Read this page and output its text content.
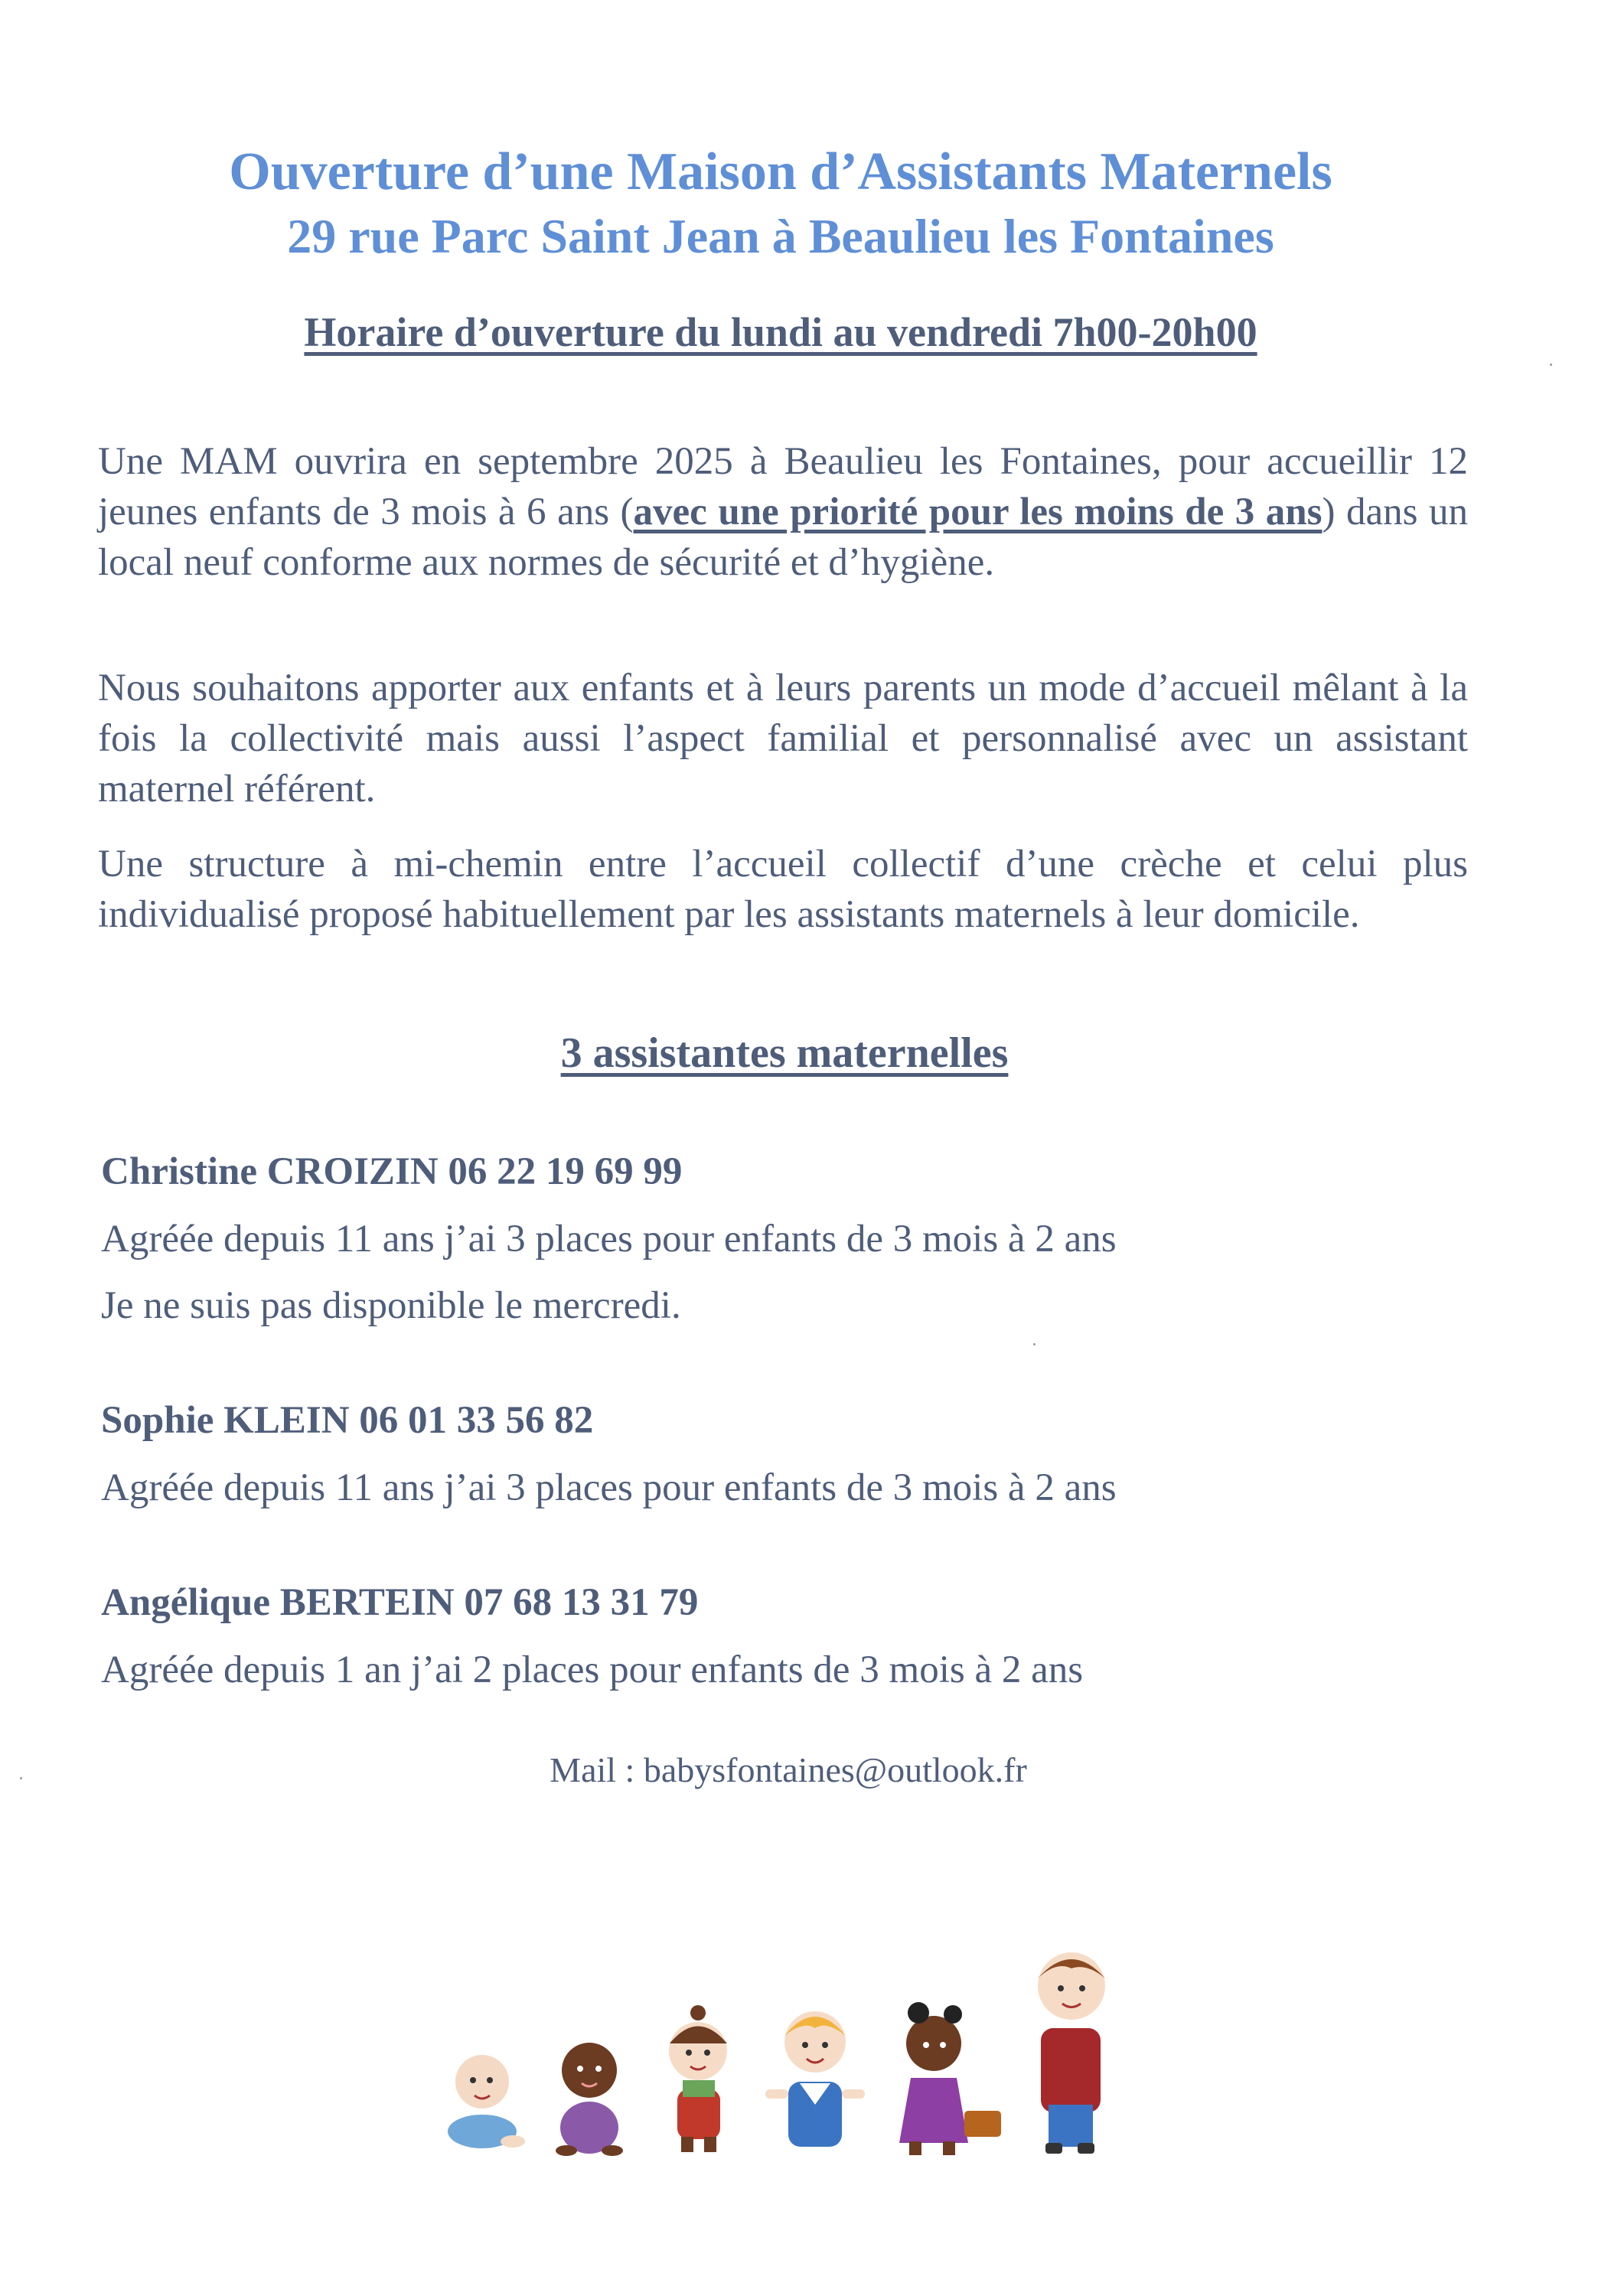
Ouverture d’une Maison d’Assistants Maternels
29 rue Parc Saint Jean à Beaulieu les Fontaines

Horaire d’ouverture du lundi au vendredi 7h00-20h00

Une MAM ouvrira en septembre 2025 à Beaulieu les Fontaines, pour accueillir 12 jeunes enfants de 3 mois à 6 ans (avec une priorité pour les moins de 3 ans) dans un local neuf conforme aux normes de sécurité et d’hygiène.

Nous souhaitons apporter aux enfants et à leurs parents un mode d’accueil mêlant à la fois la collectivité mais aussi l’aspect familial et personnalisé avec un assistant maternel référent.

Une structure à mi-chemin entre l’accueil collectif d’une crèche et celui plus individualisé proposé habituellement par les assistants maternels à leur domicile.

3 assistantes maternelles

Christine CROIZIN 06 22 19 69 99

Agréée depuis 11 ans j’ai 3 places pour enfants de 3 mois à 2 ans

Je ne suis pas disponible le mercredi.

Sophie KLEIN 06 01 33 56 82

Agréée depuis 11 ans j’ai 3 places pour enfants de 3 mois à 2 ans

Angélique BERTEIN 07 68 13 31 79

Agréée depuis 1 an j’ai 2 places pour enfants de 3 mois à 2 ans

Mail : babysfontaines@outlook.fr
